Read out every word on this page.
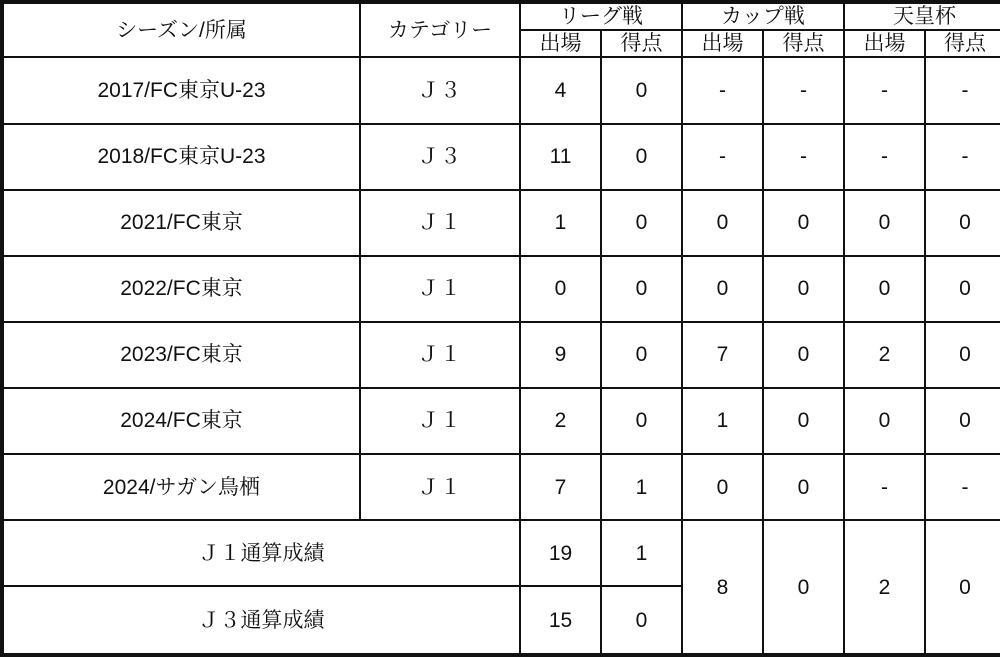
シーズン/所属	カテゴリー	リーグ戦		カップ戦		天皇杯	
		出場	得点	出場	得点	出場	得点
2017/FC東京U-23	Ｊ３	4	0	-	-	-	-
2018/FC東京U-23	Ｊ３	11	0	-	-	-	-
2021/FC東京	Ｊ１	1	0	0	0	0	0
2022/FC東京	Ｊ１	0	0	0	0	0	0
2023/FC東京	Ｊ１	9	0	7	0	2	0
2024/FC東京	Ｊ１	2	0	1	0	0	0
2024/サガン鳥栖	Ｊ１	7	1	0	0	-	-
Ｊ１通算成績		19	1	8	0	2	0
Ｊ３通算成績		15	0				
